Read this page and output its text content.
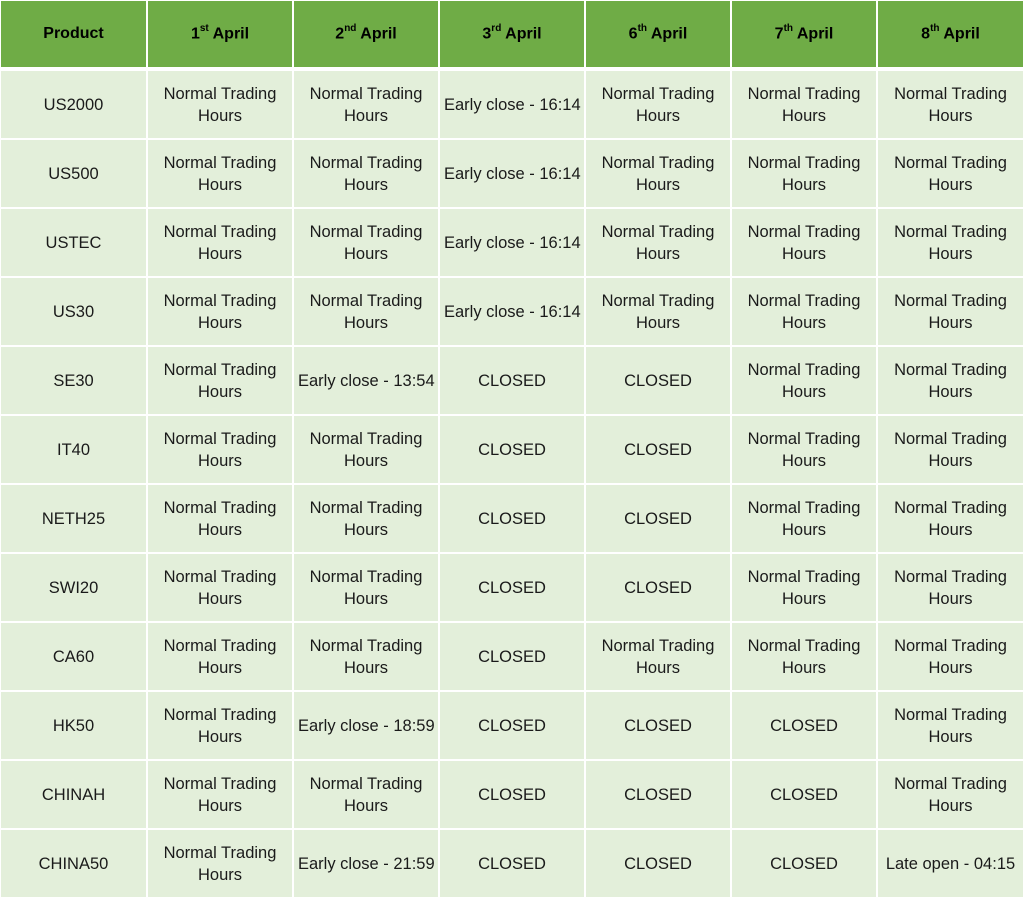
Product	1st April	2nd April	3rd April	6th April	7th April	8th April
US2000	Normal Trading Hours	Normal Trading Hours	Early close - 16:14	Normal Trading Hours	Normal Trading Hours	Normal Trading Hours
US500	Normal Trading Hours	Normal Trading Hours	Early close - 16:14	Normal Trading Hours	Normal Trading Hours	Normal Trading Hours
USTEC	Normal Trading Hours	Normal Trading Hours	Early close - 16:14	Normal Trading Hours	Normal Trading Hours	Normal Trading Hours
US30	Normal Trading Hours	Normal Trading Hours	Early close - 16:14	Normal Trading Hours	Normal Trading Hours	Normal Trading Hours
SE30	Normal Trading Hours	Early close - 13:54	CLOSED	CLOSED	Normal Trading Hours	Normal Trading Hours
IT40	Normal Trading Hours	Normal Trading Hours	CLOSED	CLOSED	Normal Trading Hours	Normal Trading Hours
NETH25	Normal Trading Hours	Normal Trading Hours	CLOSED	CLOSED	Normal Trading Hours	Normal Trading Hours
SWI20	Normal Trading Hours	Normal Trading Hours	CLOSED	CLOSED	Normal Trading Hours	Normal Trading Hours
CA60	Normal Trading Hours	Normal Trading Hours	CLOSED	Normal Trading Hours	Normal Trading Hours	Normal Trading Hours
HK50	Normal Trading Hours	Early close - 18:59	CLOSED	CLOSED	CLOSED	Normal Trading Hours
CHINAH	Normal Trading Hours	Normal Trading Hours	CLOSED	CLOSED	CLOSED	Normal Trading Hours
CHINA50	Normal Trading Hours	Early close - 21:59	CLOSED	CLOSED	CLOSED	Late open - 04:15
